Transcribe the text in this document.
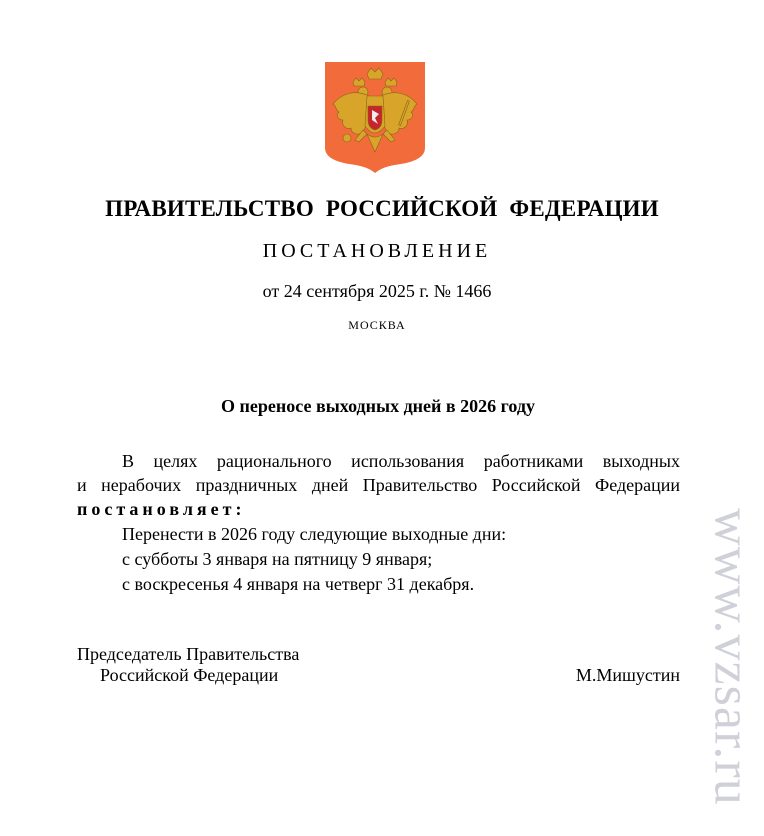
ПРАВИТЕЛЬСТВО РОССИЙСКОЙ ФЕДЕРАЦИИ
ПОСТАНОВЛЕНИЕ
от 24 сентября 2025 г. № 1466
МОСКВА
О переносе выходных дней в 2026 году
В целях рационального использования работниками выходных
и нерабочих праздничных дней Правительство Российской Федерации
постановляет:
Перенести в 2026 году следующие выходные дни:
с субботы 3 января на пятницу 9 января;
с воскресенья 4 января на четверг 31 декабря.
Председатель Правительства
Российской Федерации	М.Мишустин www.vzsar.ru
